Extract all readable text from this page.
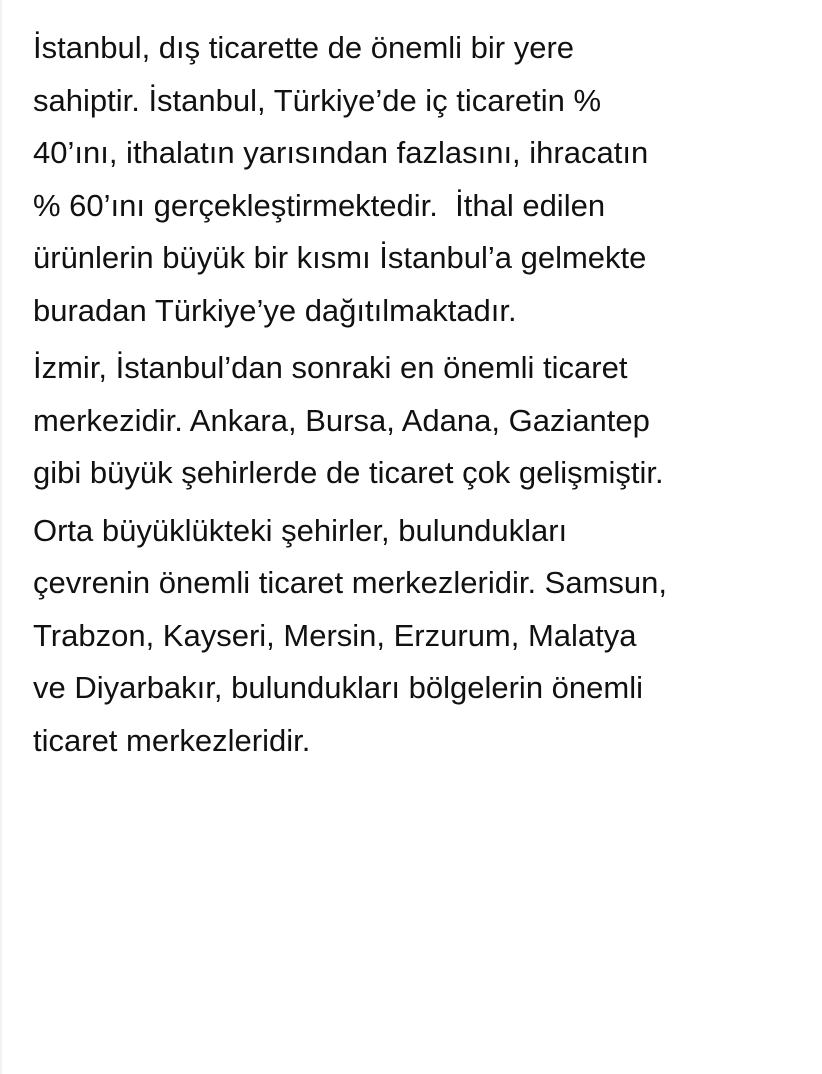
İstanbul, dış ticarette de önemli bir yere
sahiptir. İstanbul, Türkiye’de iç ticaretin %
40’ını, ithalatın yarısından fazlasını, ihracatın
% 60’ını gerçekleştirmektedir.  İthal edilen
ürünlerin büyük bir kısmı İstanbul’a gelmekte
buradan Türkiye’ye dağıtılmaktadır.

İzmir, İstanbul’dan sonraki en önemli ticaret
merkezidir. Ankara, Bursa, Adana, Gaziantep
gibi büyük şehirlerde de ticaret çok gelişmiştir.

Orta büyüklükteki şehirler, bulundukları
çevrenin önemli ticaret merkezleridir. Samsun,
Trabzon, Kayseri, Mersin, Erzurum, Malatya
ve Diyarbakır, bulundukları bölgelerin önemli
ticaret merkezleridir.
